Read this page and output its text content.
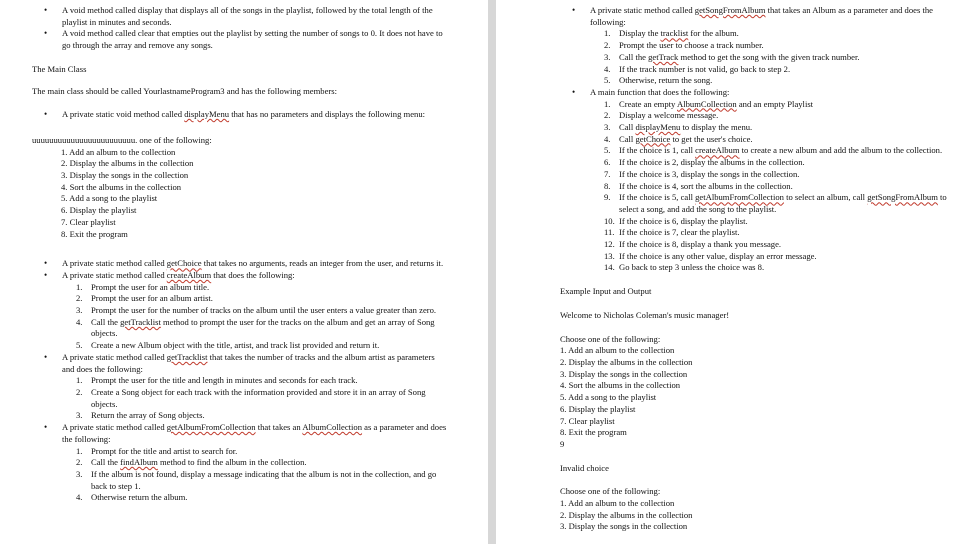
• A void method called display that displays all of the songs in the playlist, followed by the total length of the playlist in minutes and seconds.
• A void method called clear that empties out the playlist by setting the number of songs to 0. It does not have to go through the array and remove any songs.

The Main Class

The main class should be called YourlastnameProgram3 and has the following members:

• A private static void method called displayMenu that has no parameters and displays the following menu:
uuuuuuuuuuuuuuuuuuuuuuuu. one of the following:
1. Add an album to the collection
2. Display the albums in the collection
3. Display the songs in the collection
4. Sort the albums in the collection
5. Add a song to the playlist
6. Display the playlist
7. Clear playlist
8. Exit the program
• A private static method called getChoice that takes no arguments, reads an integer from the user, and returns it.
• A private static method called createAlbum that does the following:
1. Prompt the user for an album title.
2. Prompt the user for an album artist.
3. Prompt the user for the number of tracks on the album until the user enters a value greater than zero.
4. Call the getTracklist method to prompt the user for the tracks on the album and get an array of Song objects.
5. Create a new Album object with the title, artist, and track list provided and return it.
• A private static method called getTracklist that takes the number of tracks and the album artist as parameters and does the following:
1. Prompt the user for the title and length in minutes and seconds for each track.
2. Create a Song object for each track with the information provided and store it in an array of Song objects.
3. Return the array of Song objects.
• A private static method called getAlbumFromCollection that takes an AlbumCollection as a parameter and does the following:
1. Prompt for the title and artist to search for.
2. Call the findAlbum method to find the album in the collection.
3. If the album is not found, display a message indicating that the album is not in the collection, and go back to step 1.
4. Otherwise return the album.
• A private static method called getSongFromAlbum that takes an Album as a parameter and does the following:
1. Display the tracklist for the album.
2. Prompt the user to choose a track number.
3. Call the getTrack method to get the song with the given track number.
4. If the track number is not valid, go back to step 2.
5. Otherwise, return the song.
• A main function that does the following:
1. Create an empty AlbumCollection and an empty Playlist
2. Display a welcome message.
3. Call displayMenu to display the menu.
4. Call getChoice to get the user's choice.
5. If the choice is 1, call createAlbum to create a new album and add the album to the collection.
6. If the choice is 2, display the albums in the collection.
7. If the choice is 3, display the songs in the collection.
8. If the choice is 4, sort the albums in the collection.
9. If the choice is 5, call getAlbumFromCollection to select an album, call getSongFromAlbum to select a song, and add the song to the playlist.
10. If the choice is 6, display the playlist.
11. If the choice is 7, clear the playlist.
12. If the choice is 8, display a thank you message.
13. If the choice is any other value, display an error message.
14. Go back to step 3 unless the choice was 8.

Example Input and Output

Welcome to Nicholas Coleman's music manager!

Choose one of the following:

1. Add an album to the collection
2. Display the albums in the collection
3. Display the songs in the collection
4. Sort the albums in the collection
5. Add a song to the playlist
6. Display the playlist
7. Clear playlist
8. Exit the program

9

Invalid choice

Choose one of the following:

1. Add an album to the collection
2. Display the albums in the collection
3. Display the songs in the collection
